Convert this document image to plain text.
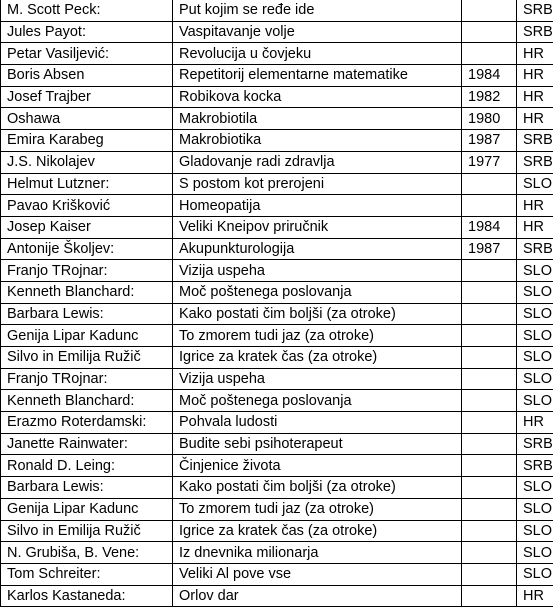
M. Scott Peck:	Put kojim se ređe ide		SRB
Jules Payot:	Vaspitavanje volje		SRB
Petar Vasiljević:	Revolucija u čovjeku		HR
Boris Absen	Repetitorij elementarne matematike	1984	HR
Josef Trajber	Robikova kocka	1982	HR
Oshawa	Makrobiotila	1980	HR
Emira Karabeg	Makrobiotika	1987	SRB
J.S. Nikolajev	Gladovanje radi zdravlja	1977	SRB
Helmut Lutzner:	S postom kot prerojeni		SLO
Pavao Krišković	Homeopatija		HR
Josep Kaiser	Veliki Kneipov priručnik	1984	HR
Antonije Školjev:	Akupunkturologija	1987	SRB
Franjo TRojnar:	Vizija uspeha		SLO
Kenneth Blanchard:	Moč poštenega poslovanja		SLO
Barbara Lewis:	Kako postati čim boljši (za otroke)		SLO
Genija Lipar Kadunc	To zmorem tudi jaz (za otroke)		SLO
Silvo in Emilija Ružič	Igrice za kratek čas (za otroke)		SLO
Franjo TRojnar:	Vizija uspeha		SLO
Kenneth Blanchard:	Moč poštenega poslovanja		SLO
Erazmo Roterdamski:	Pohvala ludosti		HR
Janette Rainwater:	Budite sebi psihoterapeut		SRB
Ronald D. Leing:	Činjenice života		SRB
Barbara Lewis:	Kako postati čim boljši (za otroke)		SLO
Genija Lipar Kadunc	To zmorem tudi jaz (za otroke)		SLO
Silvo in Emilija Ružič	Igrice za kratek čas (za otroke)		SLO
N. Grubiša, B. Vene:	Iz dnevnika milionarja		SLO
Tom Schreiter:	Veliki Al pove vse		SLO
Karlos Kastaneda:	Orlov dar		HR
